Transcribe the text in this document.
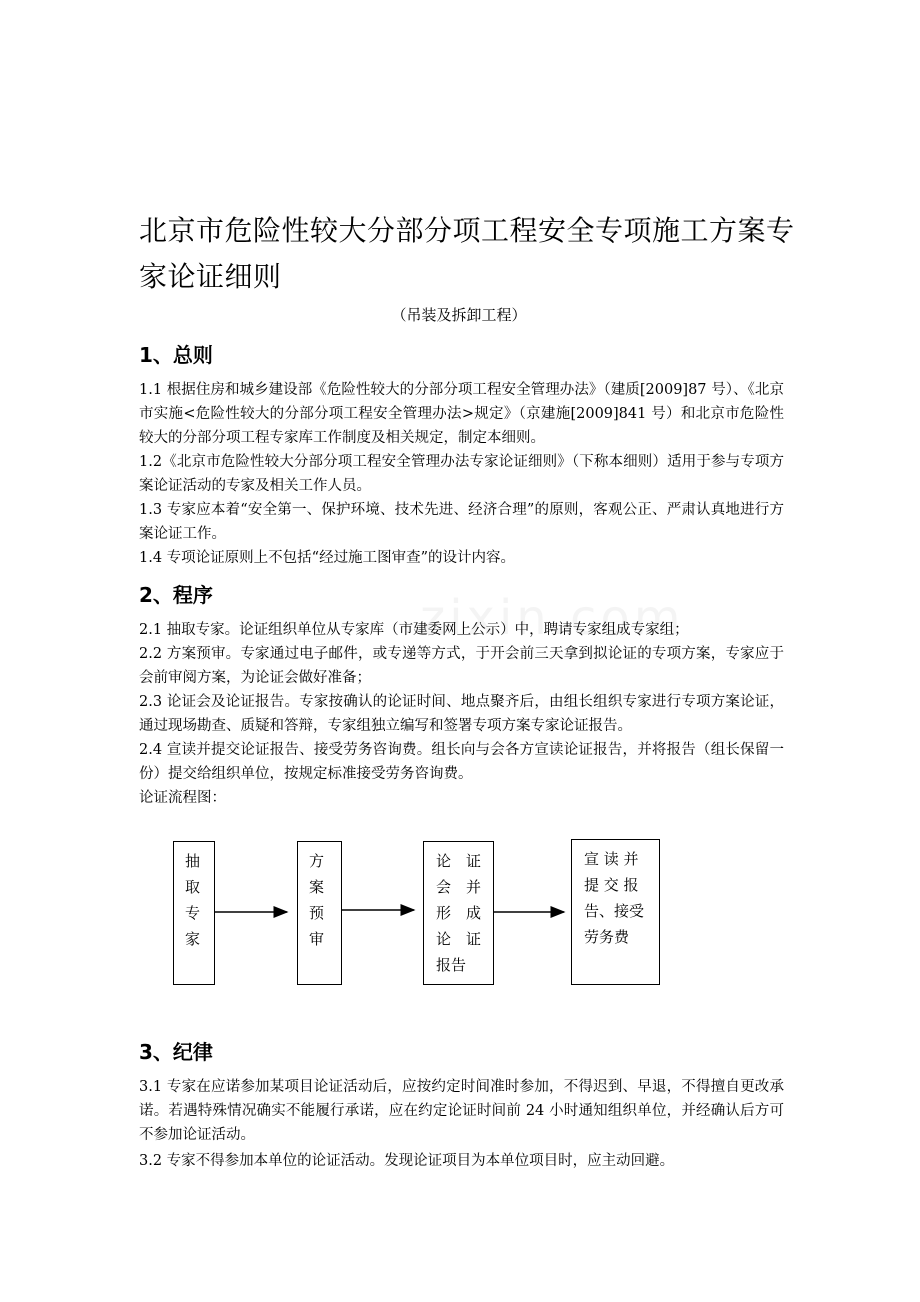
北京市危险性较大分部分项工程安全专项施工方案专家论证细则
（吊装及拆卸工程）
1、总则

1.1 根据住房和城乡建设部《危险性较大的分部分项工程安全管理办法》（建质[2009]87 号）、《北京市实施<危险性较大的分部分项工程安全管理办法>规定》（京建施[2009]841 号）和北京市危险性较大的分部分项工程专家库工作制度及相关规定，制定本细则。

1.2《北京市危险性较大分部分项工程安全管理办法专家论证细则》（下称本细则）适用于参与专项方案论证活动的专家及相关工作人员。

1.3 专家应本着“安全第一、保护环境、技术先进、经济合理”的原则，客观公正、严肃认真地进行方案论证工作。

1.4 专项论证原则上不包括“经过施工图审查”的设计内容。

2、程序

2.1 抽取专家。论证组织单位从专家库（市建委网上公示）中，聘请专家组成专家组；

2.2 方案预审。专家通过电子邮件，或专递等方式，于开会前三天拿到拟论证的专项方案，专家应于会前审阅方案，为论证会做好准备；

2.3 论证会及论证报告。专家按确认的论证时间、地点聚齐后，由组长组织专家进行专项方案论证，通过现场勘查、质疑和答辩，专家组独立编写和签署专项方案专家论证报告。

2.4 宣读并提交论证报告、接受劳务咨询费。组长向与会各方宣读论证报告，并将报告（组长保留一份）提交给组织单位，按规定标准接受劳务咨询费。

论证流程图：

抽
取
专
家
方
案
预
审
论　证
会　并
形　成
论　证
报告
宣 读 并
提 交 报
告、接受
劳务费
3、纪律

3.1 专家在应诺参加某项目论证活动后，应按约定时间准时参加，不得迟到、早退，不得擅自更改承诺。若遇特殊情况确实不能履行承诺，应在约定论证时间前 24 小时通知组织单位，并经确认后方可不参加论证活动。

3.2 专家不得参加本单位的论证活动。发现论证项目为本单位项目时，应主动回避。
